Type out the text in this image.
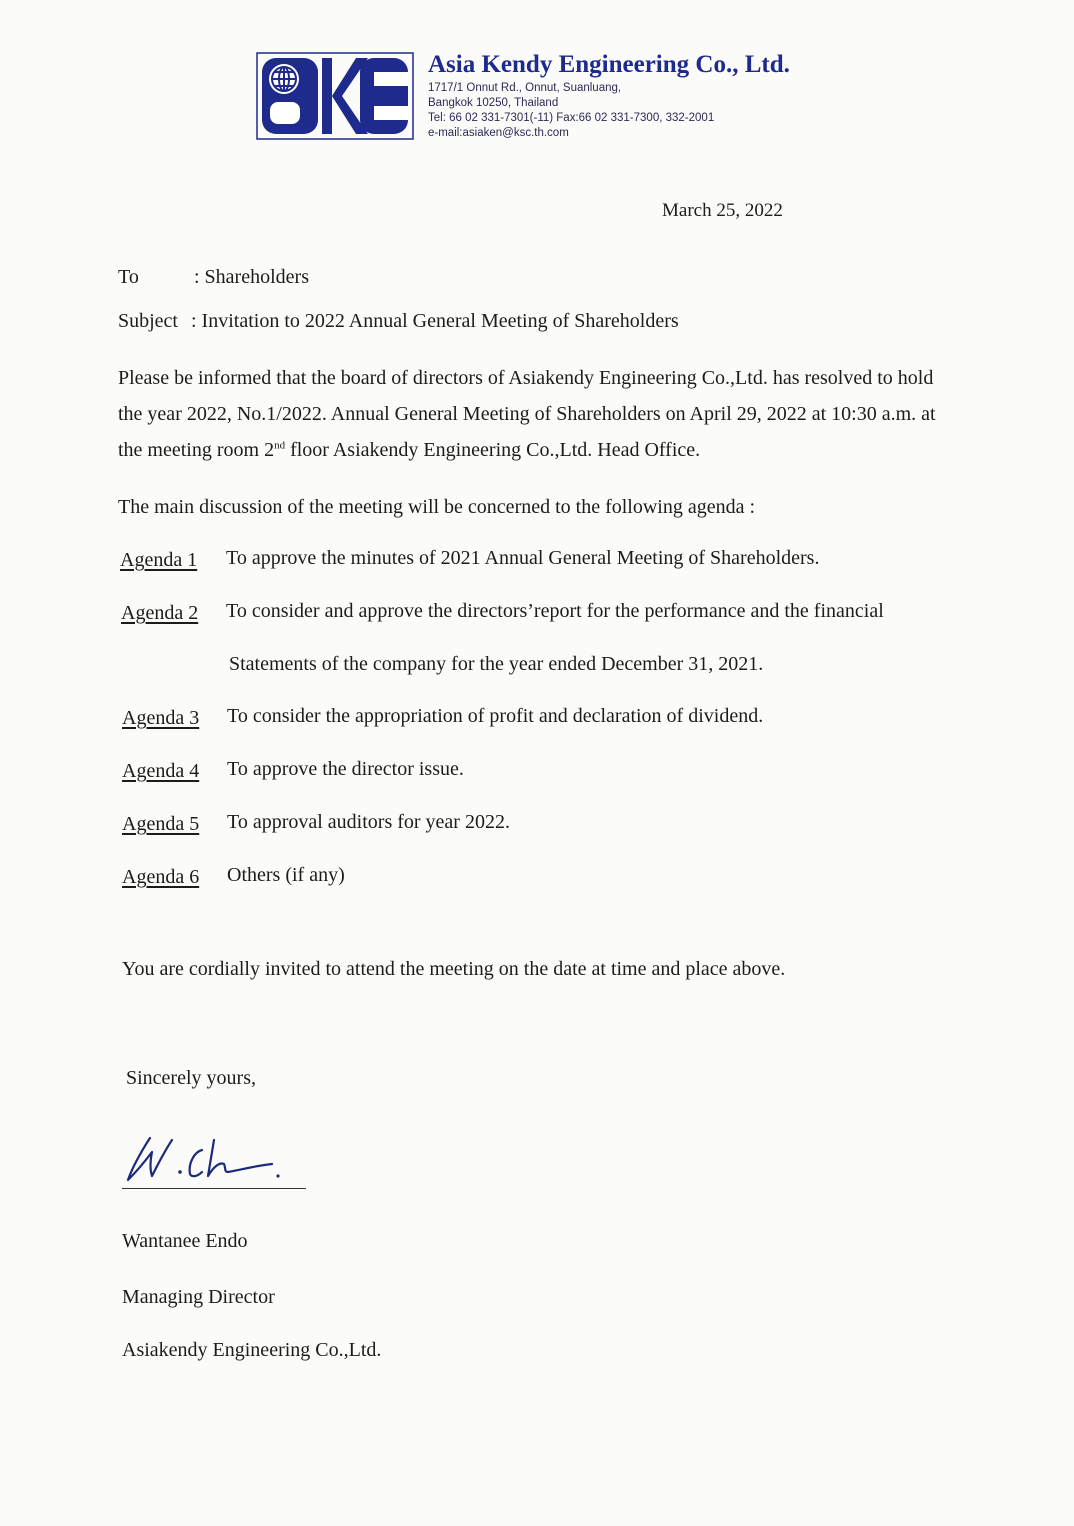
Asia Kendy Engineering Co., Ltd.
1717/1 Onnut Rd., Onnut, Suanluang,
Bangkok 10250, Thailand
Tel: 66 02 331-7301(-11) Fax:66 02 331-7300, 332-2001
e-mail:asiaken@ksc.th.com
March 25, 2022
To	: Shareholders
Subject : Invitation to 2022 Annual General Meeting of Shareholders
Please be informed that the board of directors of Asiakendy Engineering Co.,Ltd. has resolved to hold the year 2022, No.1/2022. Annual General Meeting of Shareholders on April 29, 2022 at 10:30 a.m. at the meeting room 2nd floor Asiakendy Engineering Co.,Ltd. Head Office.
The main discussion of the meeting will be concerned to the following agenda :
Agenda 1 To approve the minutes of 2021 Annual General Meeting of Shareholders.
Agenda 2 To consider and approve the directors’report for the performance and the financial
Statements of the company for the year ended December 31, 2021.
Agenda 3 To consider the appropriation of profit and declaration of dividend.
Agenda 4 To approve the director issue.
Agenda 5 To approval auditors for year 2022.
Agenda 6 Others (if any)
You are cordially invited to attend the meeting on the date at time and place above.
Sincerely yours,
Wantanee Endo
Managing Director
Asiakendy Engineering Co.,Ltd.
